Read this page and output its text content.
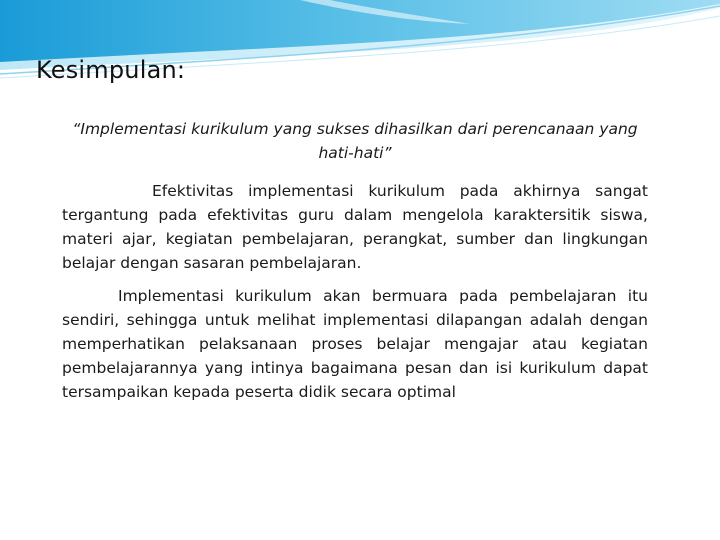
Kesimpulan:

“Implementasi kurikulum yang sukses dihasilkan dari perencanaan yang hati-hati”

Efektivitas implementasi kurikulum pada akhirnya sangat tergantung pada efektivitas guru dalam mengelola karaktersitik siswa, materi ajar, kegiatan pembelajaran, perangkat, sumber dan lingkungan belajar dengan sasaran pembelajaran.

Implementasi kurikulum akan bermuara pada pembelajaran itu sendiri, sehingga untuk melihat implementasi dilapangan adalah dengan memperhatikan pelaksanaan proses belajar mengajar atau kegiatan pembelajarannya yang intinya bagaimana pesan dan isi kurikulum dapat tersampaikan kepada peserta didik secara optimal
